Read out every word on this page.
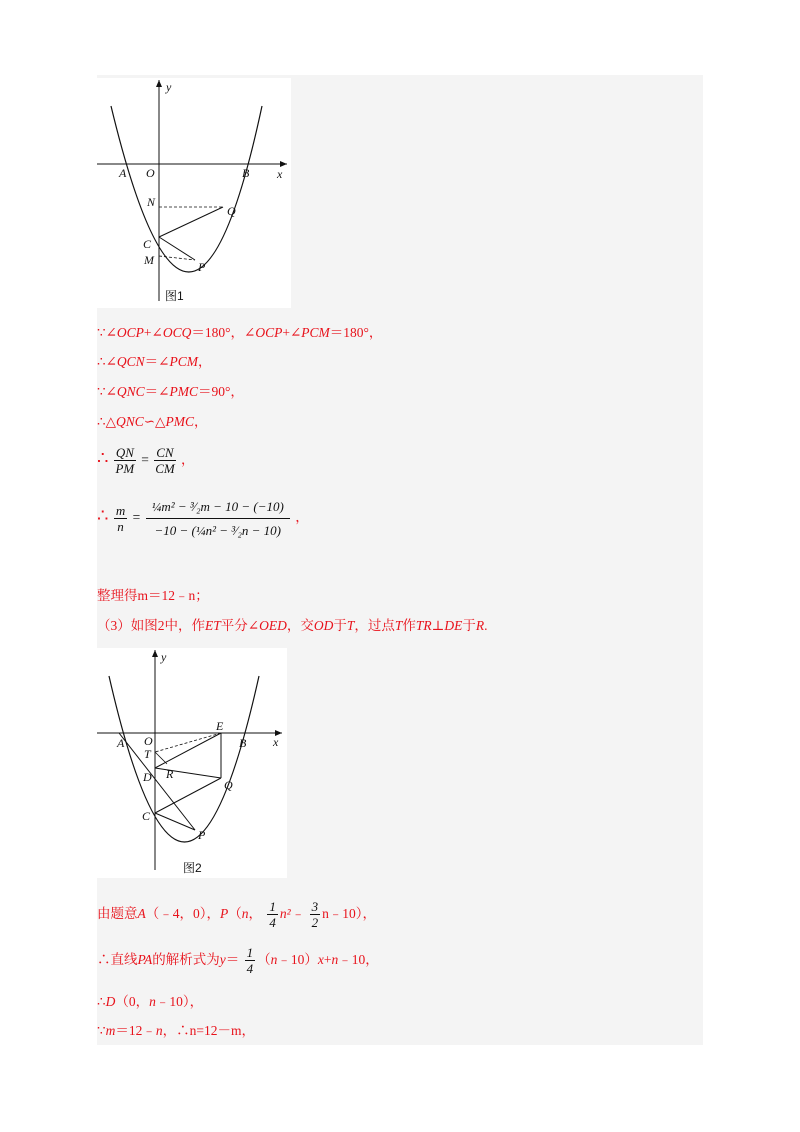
y
x
A O	B
N
Q
C
M	P
图1
∵∠OCP+∠OCQ＝180°，∠OCP+∠PCM＝180°，
∴∠QCN＝∠PCM，
∵∠QNC＝∠PMC＝90°，
∴△QNC∽△PMC，
∴ $\frac{QN}{PM} = \frac{CN}{CM}$ ，
∴ $\frac{m}{n} = \frac{\text{¼m² − ³⁄₂m − 10 − (−10)}}{\text{−10 − (¼n² − ³⁄₂n − 10)}}$ ，
整理得m＝12﹣n；
（3）如图2中，作ET平分∠OED，交OD于T，过点T作TR⊥DE于R.
y
x
A O	B
E
T
D R
Q
C
P
图2
由题意A（﹣4，0），P（n， $\frac{1}{4}$ n²﹣ $\frac{3}{2}$ n﹣10），
∴直线PA的解析式为$y= \frac{1}{4}$ （n﹣10）x+n﹣10，
∴D（0，n﹣10），
∵m＝12﹣n，∴n=12－m，
